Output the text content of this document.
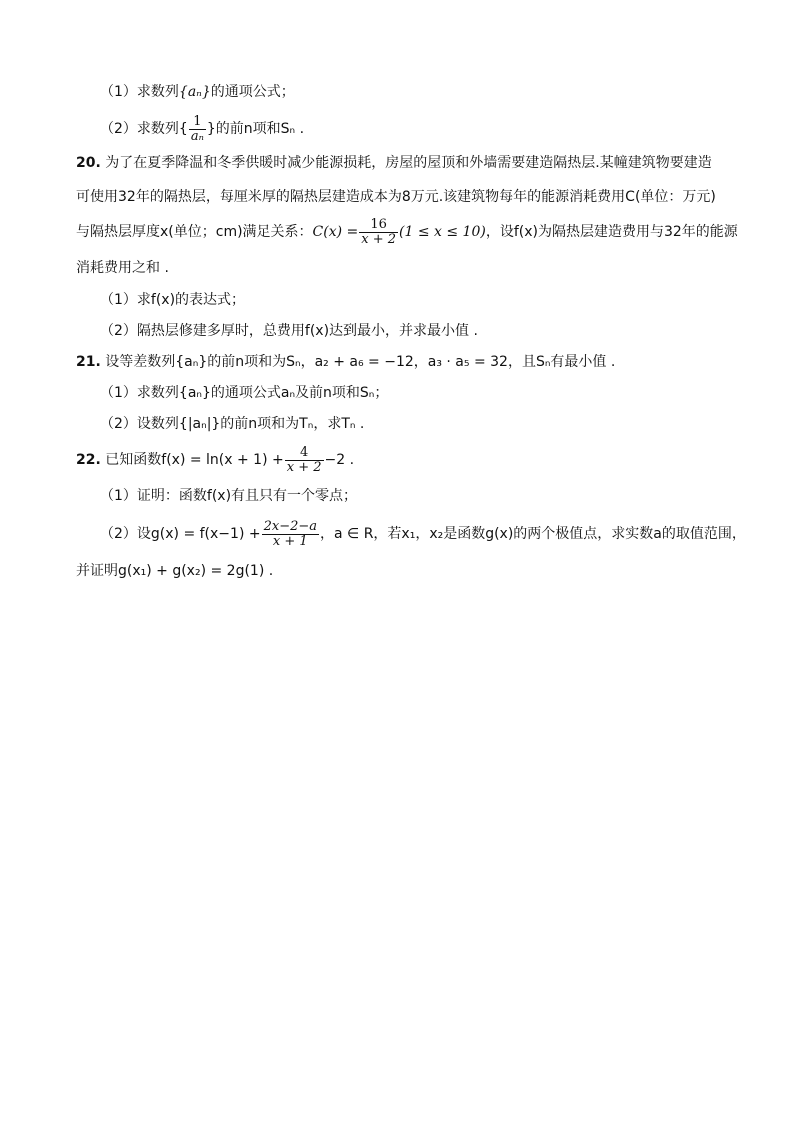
（1）求数列{aₙ}的通项公式；
（2）求数列{ $\frac{1}{\text{aₙ}}$ }的前n项和Sₙ .
20. 为了在夏季降温和冬季供暖时减少能源损耗，房屋的屋顶和外墙需要建造隔热层.某幢建筑物要建造
可使用32年的隔热层，每厘米厚的隔热层建造成本为8万元.该建筑物每年的能源消耗费用C(单位：万元)
与隔热层厚度x(单位；cm)满足关系：$C(x) = \frac{16}{x + 2} (1 \le x \le 10)$，设f(x)为隔热层建造费用与32年的能源
消耗费用之和 .
（1）求f(x)的表达式；
（2）隔热层修建多厚时，总费用f(x)达到最小，并求最小值 .
21. 设等差数列{aₙ}的前n项和为Sₙ，a₂ + a₆ = −12，a₃ · a₅ = 32，且Sₙ有最小值 .
（1）求数列{aₙ}的通项公式aₙ及前n项和Sₙ；
（2）设数列{|aₙ|}的前n项和为Tₙ，求Tₙ .
22. 已知函数$f(x) = \ln(x + 1) + \frac{4}{x + 2} -2$ .
（1）证明：函数f(x)有且只有一个零点；
（2）设$g(x) = f(x-1) + \frac{2x-2-a}{x + 1}$ ，a ∈ R，若x₁，x₂是函数g(x)的两个极值点，求实数a的取值范围，
并证明g(x₁) + g(x₂) = 2g(1) .
